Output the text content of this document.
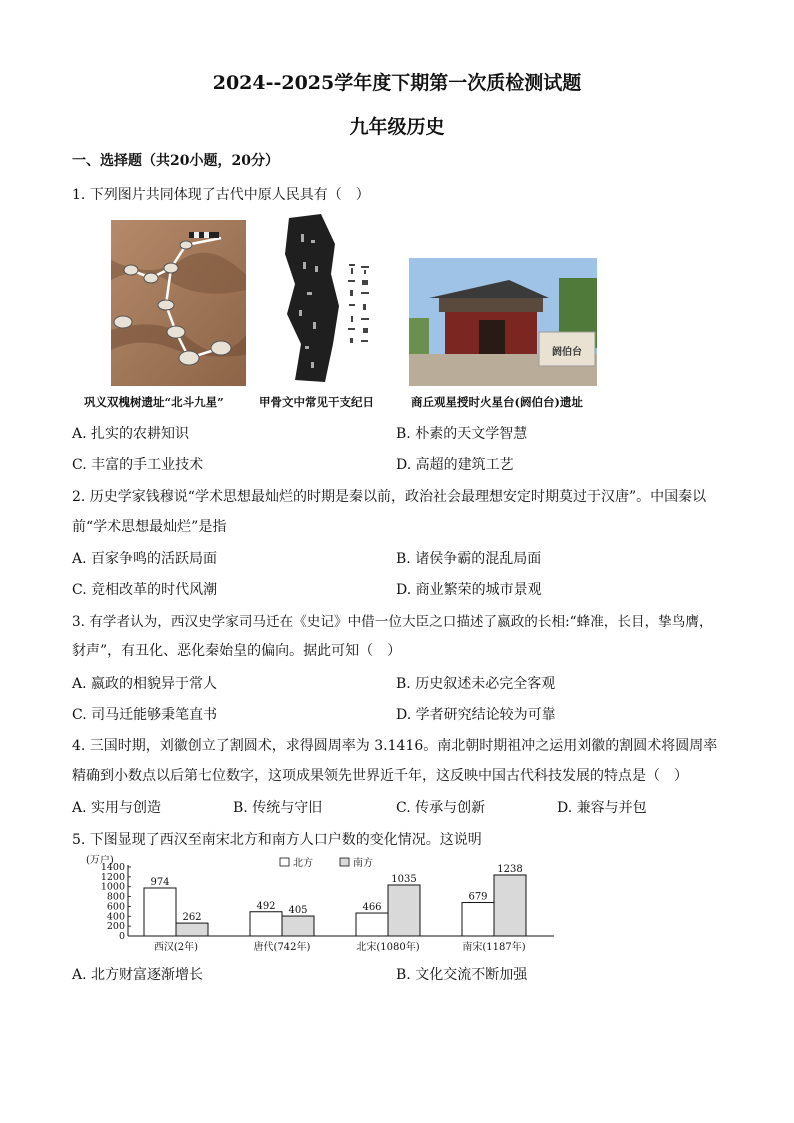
2024--2025学年度下期第一次质检测试题
九年级历史
一、选择题（共20小题，20分）
1. 下列图片共同体现了古代中原人民具有（　）
阏伯台
巩义双槐树遗址“北斗九星”	甲骨文中常见干支纪日	商丘观星授时火星台(阏伯台)遗址
A. 扎实的农耕知识	B. 朴素的天文学智慧
C. 丰富的手工业技术	D. 高超的建筑工艺
2. 历史学家钱穆说“学术思想最灿烂的时期是秦以前，政治社会最理想安定时期莫过于汉唐”。中国秦以
前“学术思想最灿烂”是指
A. 百家争鸣的活跃局面	B. 诸侯争霸的混乱局面
C. 竞相改革的时代风潮	D. 商业繁荣的城市景观
3. 有学者认为，西汉史学家司马迁在《史记》中借一位大臣之口描述了嬴政的长相:“蜂准，长目，挚鸟膺，
豺声”，有丑化、恶化秦始皇的偏向。据此可知（　）
A. 嬴政的相貌异于常人	B. 历史叙述未必完全客观
C. 司马迁能够秉笔直书	D. 学者研究结论较为可靠
4. 三国时期，刘徽创立了割圆术，求得圆周率为 3.1416。南北朝时期祖冲之运用刘徽的割圆术将圆周率
精确到小数点以后第七位数字，这项成果领先世界近千年，这反映中国古代科技发展的特点是（　）
A. 实用与创造	B. 传统与守旧	C. 传承与创新	D. 兼容与并包
5. 下图显现了西汉至南宋北方和南方人口户数的变化情况。这说明
(万户)
1400
1200
1000
800
600
400
200
0
北方	南方
974
262
西汉(2年)
492 405
唐代(742年)
466
1035
北宋(1080年)
679
1238
南宋(1187年)
A. 北方财富逐渐增长	B. 文化交流不断加强
